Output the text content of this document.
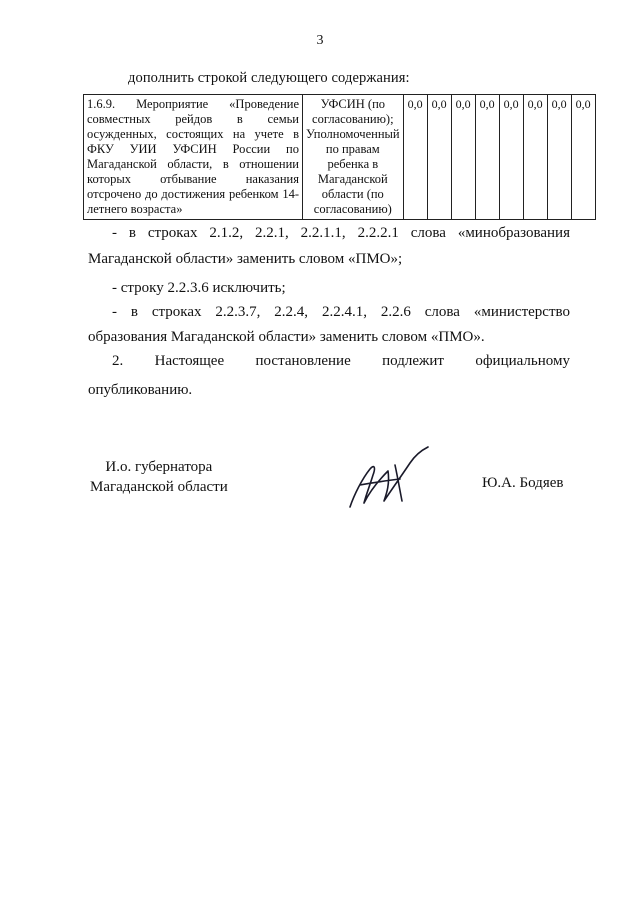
3
дополнить строкой следующего содержания:
1.6.9. Мероприятие «Проведение совместных рейдов в семьи осужденных, состоящих на учете в ФКУ УИИ УФСИН России по Магаданской области, в отношении которых отбывание наказания отсрочено до достижения ребенком 14-летнего возраста»	УФСИН (по согласованию); Уполномоченный по правам ребенка в Магаданской области (по согласованию)	0,0	0,0	0,0	0,0	0,0	0,0	0,0	0,0
- в строках 2.1.2, 2.2.1, 2.2.1.1, 2.2.2.1 слова «минобразования
Магаданской области» заменить словом «ПМО»;
- строку 2.2.3.6 исключить;
- в строках 2.2.3.7, 2.2.4, 2.2.4.1, 2.2.6 слова «министерство
образования Магаданской области» заменить словом «ПМО».
2. Настоящее постановление подлежит официальному
опубликованию.
И.о. губернатора
Магаданской области	Ю.А. Бодяев
